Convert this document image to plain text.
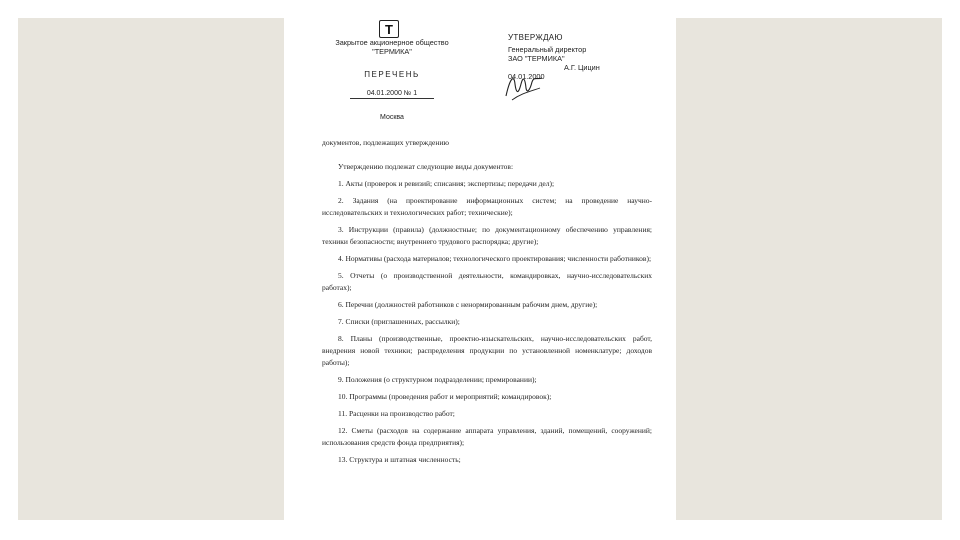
T
Закрытое акционерное общество
"ТЕРМИКА"
УТВЕРЖДАЮ
Генеральный директор
ЗАО "ТЕРМИКА"
А.Г. Цицин
04.01.2000
ПЕРЕЧЕНЬ
04.01.2000 № 1
Москва
документов, подлежащих утверждению

Утверждению подлежат следующие виды документов:

1. Акты (проверок и ревизий; списания; экспертизы; передачи дел);

2. Задания (на проектирование информационных систем; на проведение научно-исследовательских и технологических работ; технические);

3. Инструкции (правила) (должностные; по документационному обеспечению управления; техники безопасности; внутреннего трудового распорядка; другие);

4. Нормативы (расхода материалов; технологического проектирования; численности работников);

5. Отчеты (о производственной деятельности, командировках, научно-исследовательских работах);

6. Перечни (должностей работников с ненормированным рабочим днем, другие);

7. Списки (приглашенных, рассылки);

8. Планы (производственные, проектно-изыскательских, научно-исследовательских работ, внедрения новой техники; распределения продукции по установленной номенклатуре; доходов работы);

9. Положения (о структурном подразделении; премировании);

10. Программы (проведения работ и мероприятий; командировок);

11. Расценки на производство работ;

12. Сметы (расходов на содержание аппарата управления, зданий, помещений, сооружений; использования средств фонда предприятия);

13. Структура и штатная численность;
